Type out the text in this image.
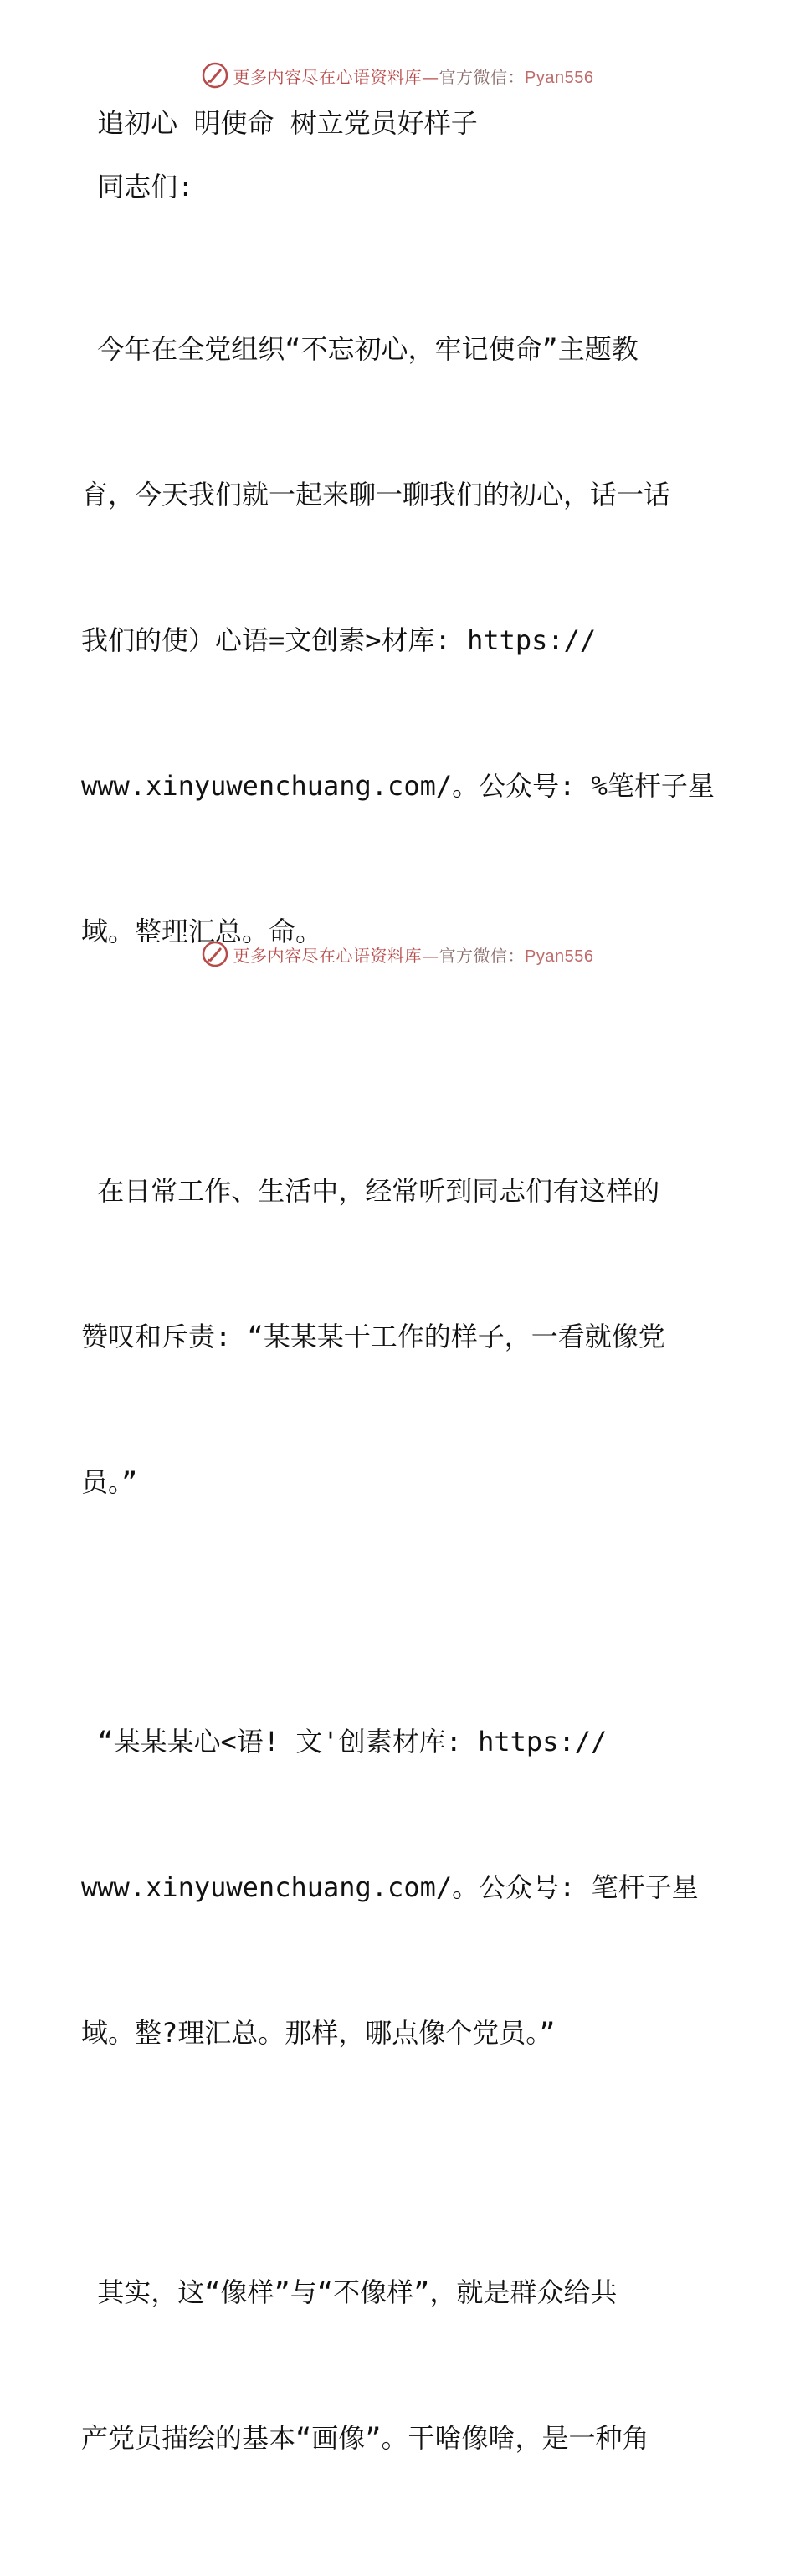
更多内容尽在心语资料库—官方微信：Pyan556

追初心 明使命 树立党员好样子

同志们:

今年在全党组织“不忘初心，牢记使命”主题教

育，今天我们就一起来聊一聊我们的初心，话一话

我们的使）心语=文创素>材库: https://

www.xinyuwenchuang.com/。公众号: %笔杆子星

域。整理汇总。命。

在日常工作、生活中，经常听到同志们有这样的

赞叹和斥责: “某某某干工作的样子，一看就像党

员。”

“某某某心<语! 文'创素材库: https://

www.xinyuwenchuang.com/。公众号: 笔杆子星

域。整?理汇总。那样，哪点像个党员。”

其实，这“像样”与“不像样”，就是群众给共

产党员描绘的基本“画像”。干啥像啥，是一种角

更多内容尽在心语资料库—官方微信：Pyan556
